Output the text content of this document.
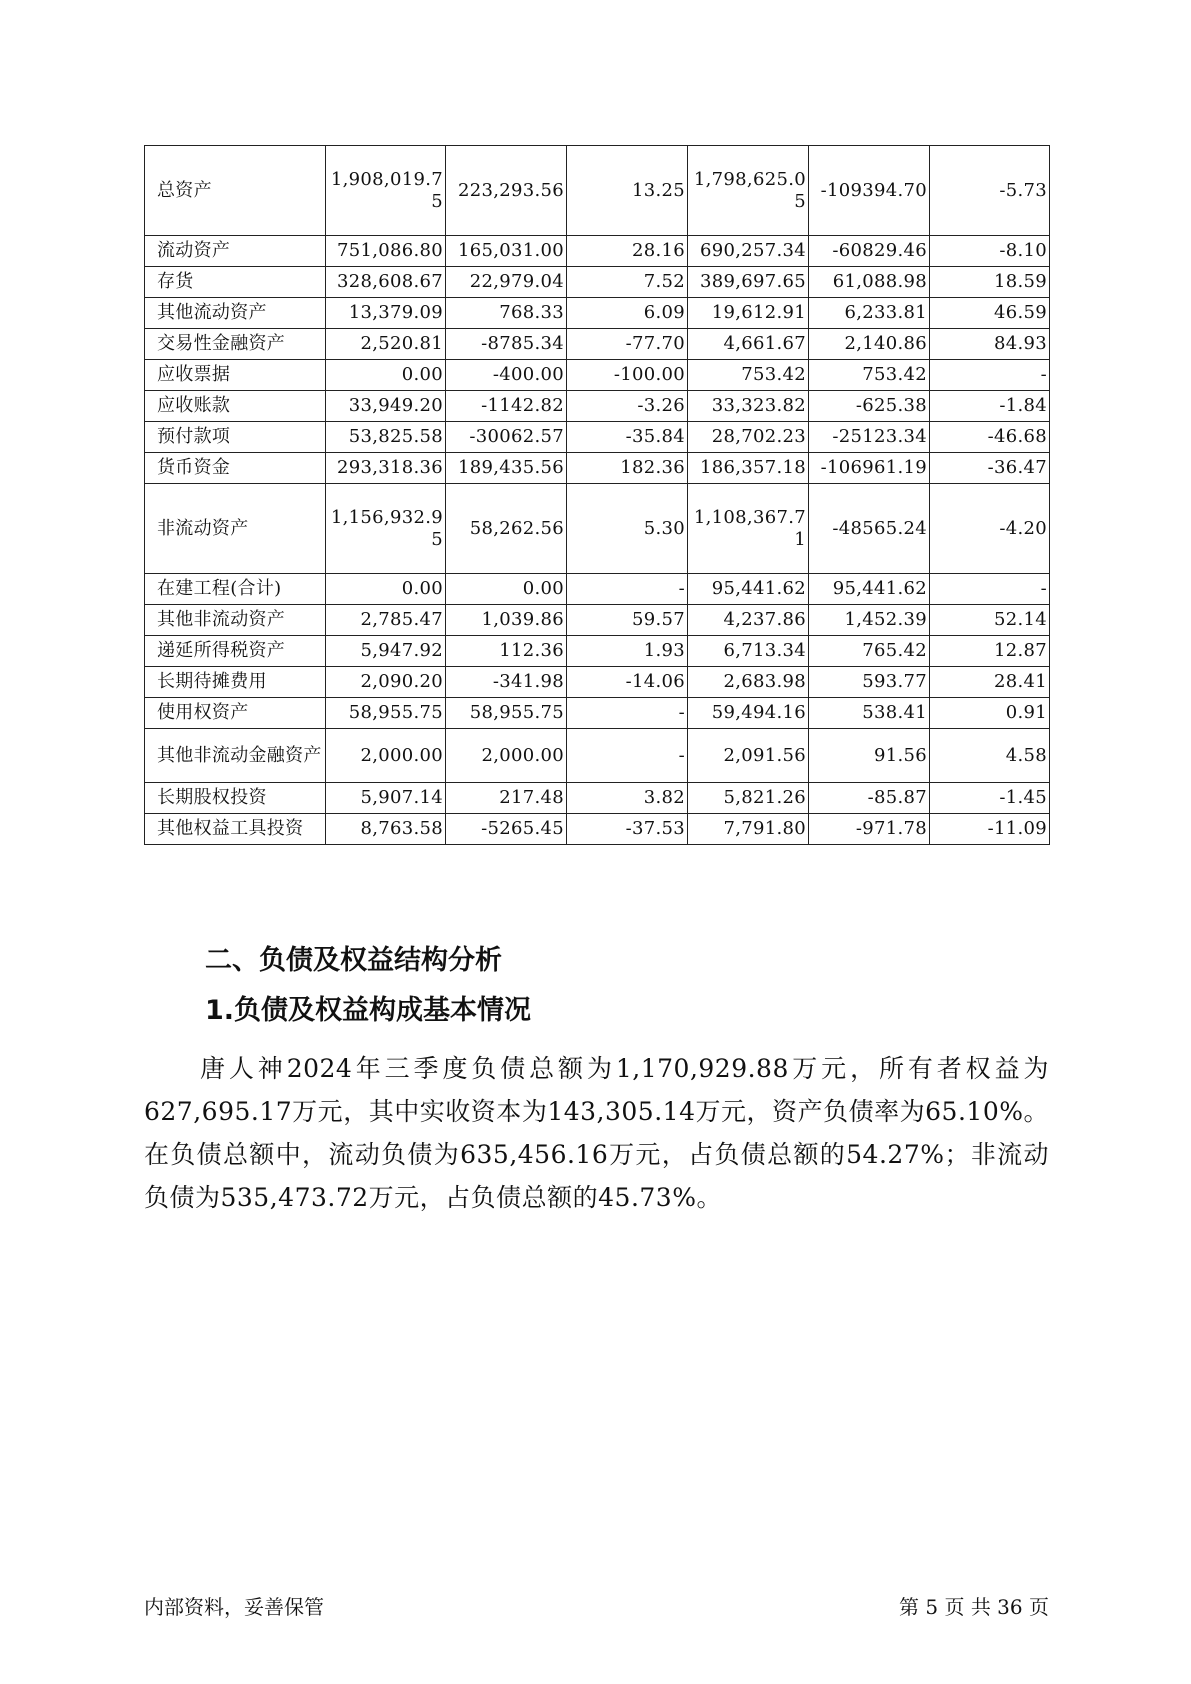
总资产	1,908,019.75	223,293.56	13.25	1,798,625.05	-109394.70	-5.73
流动资产	751,086.80	165,031.00	28.16	690,257.34	-60829.46	-8.10
存货	328,608.67	22,979.04	7.52	389,697.65	61,088.98	18.59
其他流动资产	13,379.09	768.33	6.09	19,612.91	6,233.81	46.59
交易性金融资产	2,520.81	-8785.34	-77.70	4,661.67	2,140.86	84.93
应收票据	0.00	-400.00	-100.00	753.42	753.42	-
应收账款	33,949.20	-1142.82	-3.26	33,323.82	-625.38	-1.84
预付款项	53,825.58	-30062.57	-35.84	28,702.23	-25123.34	-46.68
货币资金	293,318.36	189,435.56	182.36	186,357.18	-106961.19	-36.47
非流动资产	1,156,932.95	58,262.56	5.30	1,108,367.71	-48565.24	-4.20
在建工程(合计)	0.00	0.00	-	95,441.62	95,441.62	-
其他非流动资产	2,785.47	1,039.86	59.57	4,237.86	1,452.39	52.14
递延所得税资产	5,947.92	112.36	1.93	6,713.34	765.42	12.87
长期待摊费用	2,090.20	-341.98	-14.06	2,683.98	593.77	28.41
使用权资产	58,955.75	58,955.75	-	59,494.16	538.41	0.91
其他非流动金融资产	2,000.00	2,000.00	-	2,091.56	91.56	4.58
长期股权投资	5,907.14	217.48	3.82	5,821.26	-85.87	-1.45
其他权益工具投资	8,763.58	-5265.45	-37.53	7,791.80	-971.78	-11.09
二、负债及权益结构分析
1.负债及权益构成基本情况

唐人神2024年三季度负债总额为1,170,929.88万元，所有者权益为627,695.17万元，其中实收资本为143,305.14万元，资产负债率为65.10%。在负债总额中，流动负债为635,456.16万元，占负债总额的54.27%；非流动负债为535,473.72万元，占负债总额的45.73%。

内部资料，妥善保管	第 5 页 共 36 页
